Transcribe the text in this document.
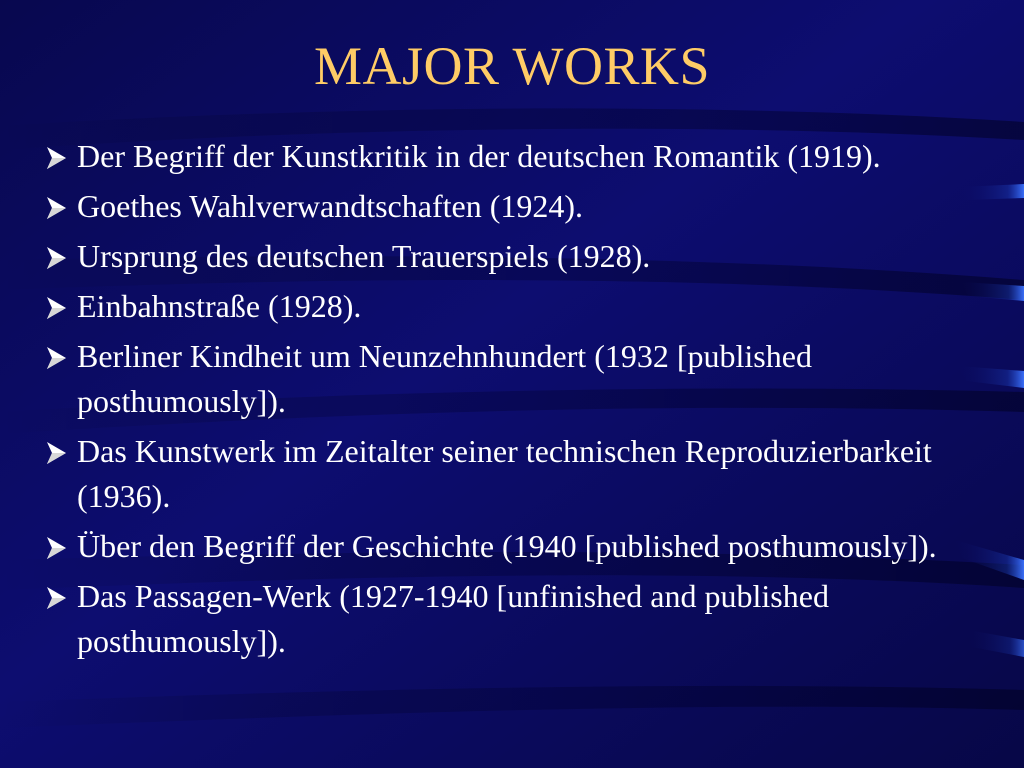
MAJOR WORKS
Der Begriff der Kunstkritik in der deutschen Romantik (1919).
Goethes Wahlverwandtschaften (1924).
Ursprung des deutschen Trauerspiels (1928).
Einbahnstraße (1928).
Berliner Kindheit um Neunzehnhundert (1932 [published posthumously]).
Das Kunstwerk im Zeitalter seiner technischen Reproduzierbarkeit (1936).
Über den Begriff der Geschichte (1940 [published posthumously]).
Das Passagen-Werk (1927-1940 [unfinished and published posthumously]).
